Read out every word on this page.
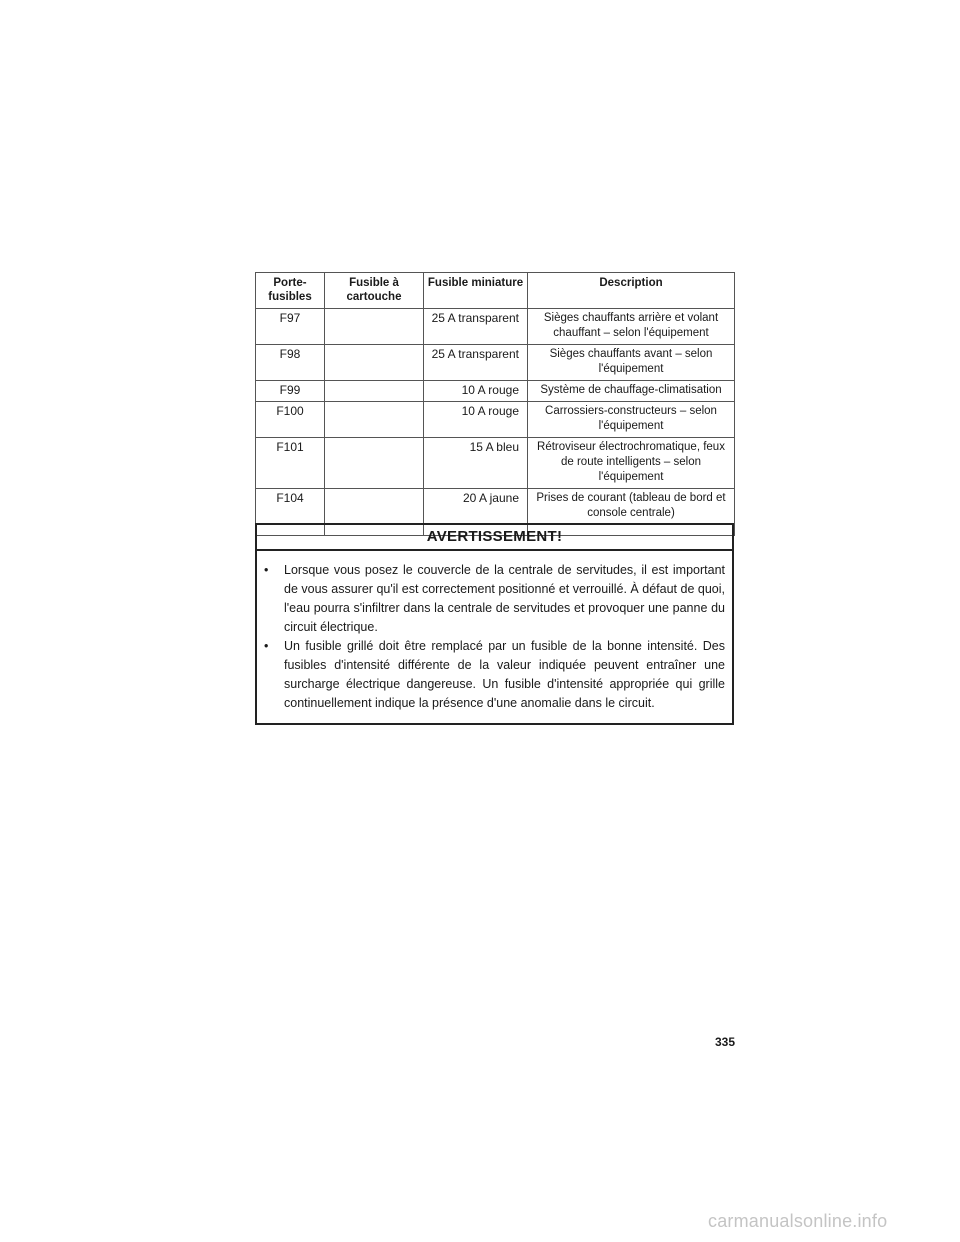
Porte-fusibles	Fusible à cartouche	Fusible miniature	Description
F97		25 A transparent	Sièges chauffants arrière et volant chauffant – selon l'équipement
F98		25 A transparent	Sièges chauffants avant – selon l'équipement
F99		10 A rouge	Système de chauffage-climatisation
F100		10 A rouge	Carrossiers-constructeurs – selon l'équipement
F101		15 A bleu	Rétroviseur électrochromatique, feux de route intelligents – selon l'équipement
F104		20 A jaune	Prises de courant (tableau de bord et console centrale)
AVERTISSEMENT!
• Lorsque vous posez le couvercle de la centrale de servitudes, il est important de vous assurer qu'il est correctement positionné et verrouillé. À défaut de quoi, l'eau pourra s'infiltrer dans la centrale de servitudes et provoquer une panne du circuit électrique.
• Un fusible grillé doit être remplacé par un fusible de la bonne intensité. Des fusibles d'intensité différente de la valeur indiquée peuvent entraîner une surcharge électrique dangereuse. Un fusible d'intensité appropriée qui grille continuellement indique la présence d'une anomalie dans le circuit.
335
carmanualsonline.info
